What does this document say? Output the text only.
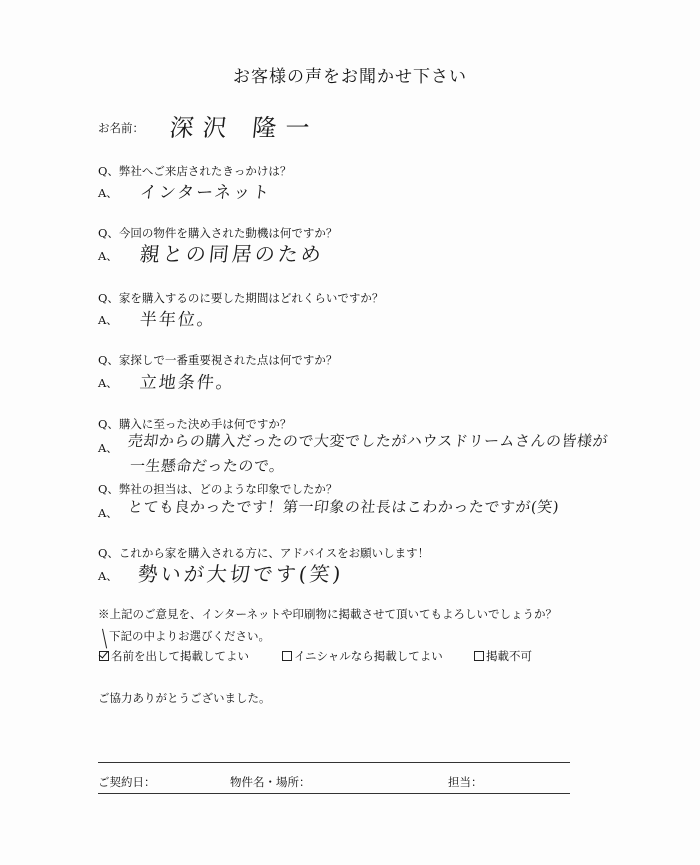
お客様の声をお聞かせ下さい
お名前： 深沢 隆一
Q、弊社へご来店されたきっかけは？
A、 インターネット
Q、今回の物件を購入された動機は何ですか？
A、 親との同居のため
Q、家を購入するのに要した期間はどれくらいですか？
A、 半年位。
Q、家探しで一番重要視された点は何ですか？
A、 立地条件。
Q、購入に至った決め手は何ですか？
A、 売却からの購入だったので大変でしたがハウスドリームさんの皆様が
一生懸命だったので。
Q、弊社の担当は、どのような印象でしたか？
A、 とても良かったです！第一印象の社長はこわかったですが(笑)
Q、これから家を購入される方に、アドバイスをお願いします！
A、 勢いが大切です(笑)
※上記のご意見を、インターネットや印刷物に掲載させて頂いてもよろしいでしょうか？
下記の中よりお選びください。
名前を出して掲載してよい	イニシャルなら掲載してよい	掲載不可
ご協力ありがとうございました。
ご契約日：	物件名・場所：	担当：
